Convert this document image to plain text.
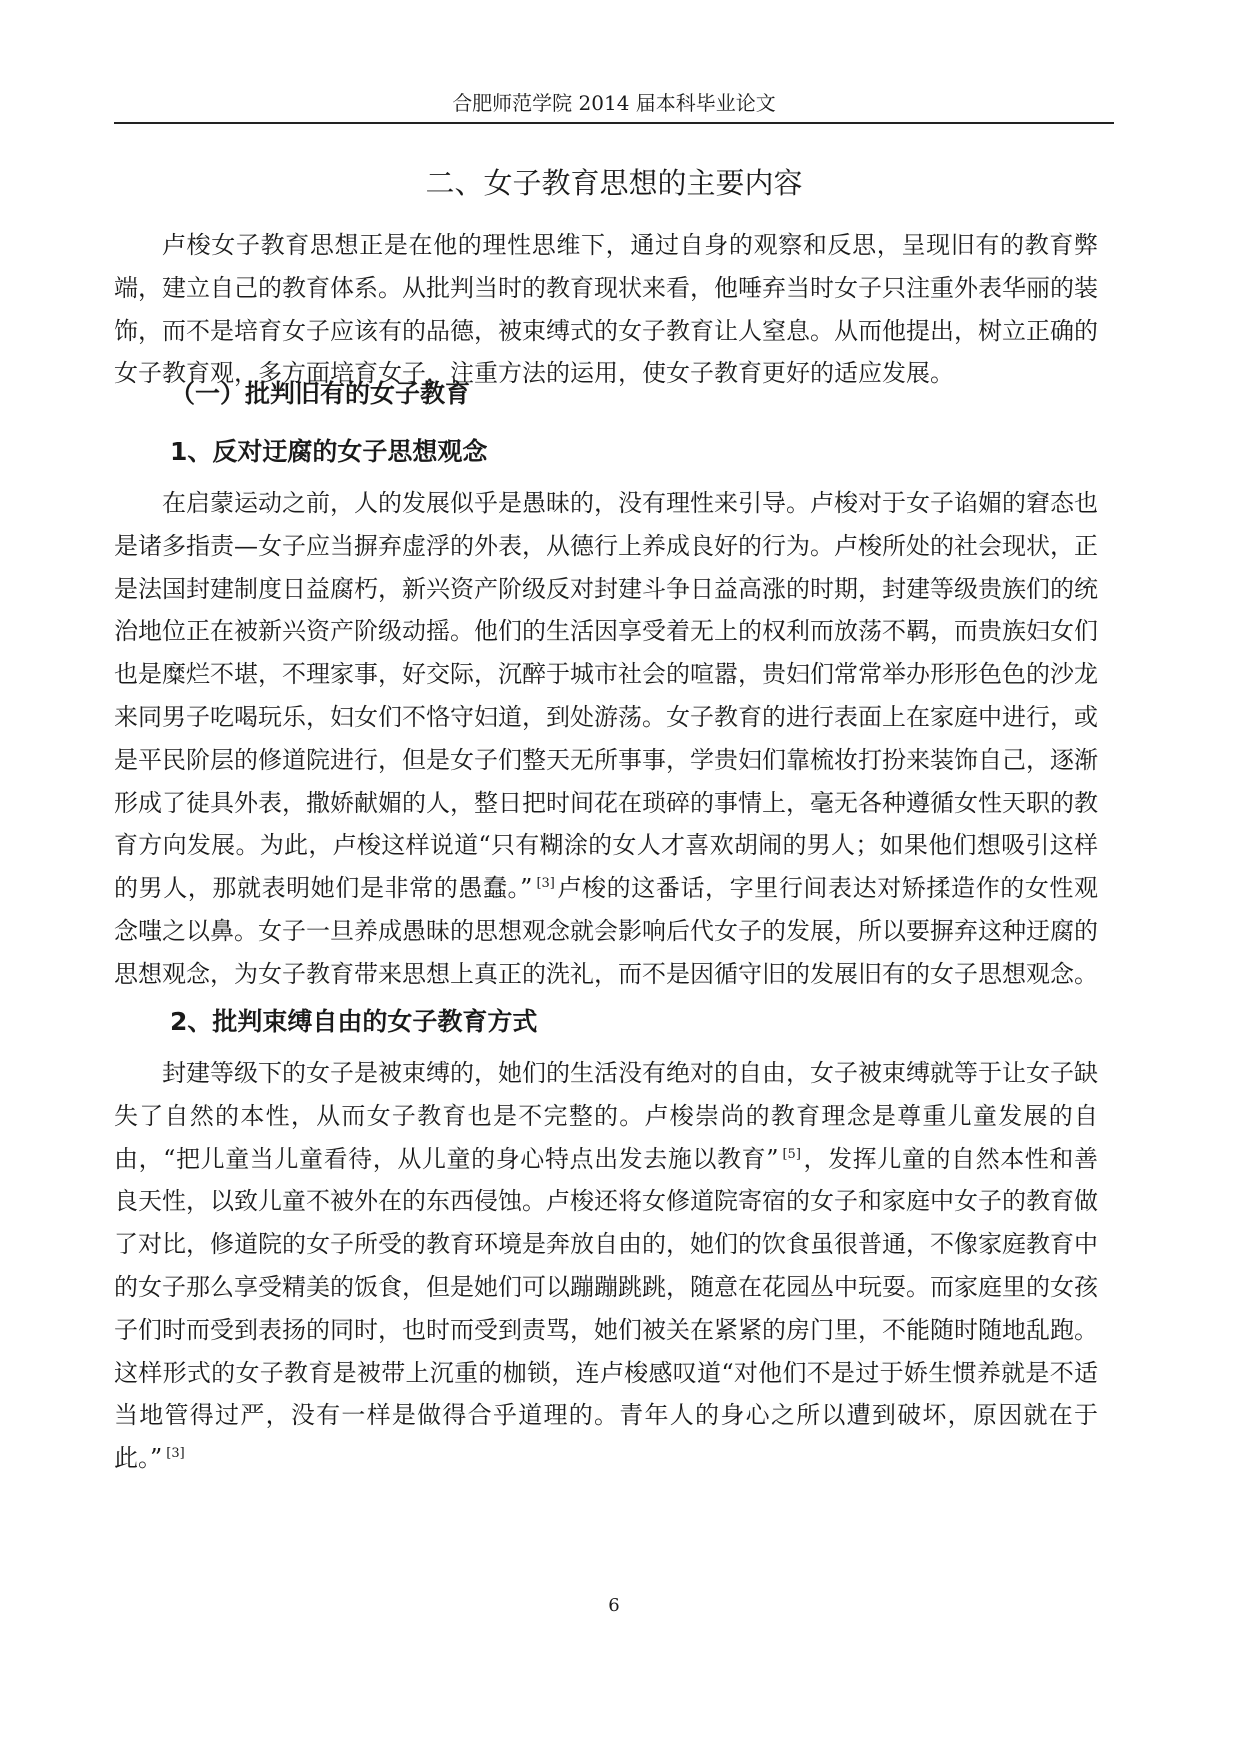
合肥师范学院 2014 届本科毕业论文
二、女子教育思想的主要内容

卢梭女子教育思想正是在他的理性思维下，通过自身的观察和反思，呈现旧有的教育弊端，建立自己的教育体系。从批判当时的教育现状来看，他唾弃当时女子只注重外表华丽的装饰，而不是培育女子应该有的品德，被束缚式的女子教育让人窒息。从而他提出，树立正确的女子教育观，多方面培育女子，注重方法的运用，使女子教育更好的适应发展。

（一）批判旧有的女子教育
1、反对迂腐的女子思想观念

在启蒙运动之前，人的发展似乎是愚昧的，没有理性来引导。卢梭对于女子谄媚的窘态也是诸多指责—女子应当摒弃虚浮的外表，从德行上养成良好的行为。卢梭所处的社会现状，正是法国封建制度日益腐朽，新兴资产阶级反对封建斗争日益高涨的时期，封建等级贵族们的统治地位正在被新兴资产阶级动摇。他们的生活因享受着无上的权利而放荡不羁，而贵族妇女们也是糜烂不堪，不理家事，好交际，沉醉于城市社会的喧嚣，贵妇们常常举办形形色色的沙龙来同男子吃喝玩乐，妇女们不恪守妇道，到处游荡。女子教育的进行表面上在家庭中进行，或是平民阶层的修道院进行，但是女子们整天无所事事，学贵妇们靠梳妆打扮来装饰自己，逐渐形成了徒具外表，撒娇献媚的人，整日把时间花在琐碎的事情上，毫无各种遵循女性天职的教育方向发展。为此，卢梭这样说道“只有糊涂的女人才喜欢胡闹的男人；如果他们想吸引这样的男人，那就表明她们是非常的愚蠢。” [3]卢梭的这番话，字里行间表达对矫揉造作的女性观念嗤之以鼻。女子一旦养成愚昧的思想观念就会影响后代女子的发展，所以要摒弃这种迂腐的思想观念，为女子教育带来思想上真正的洗礼，而不是因循守旧的发展旧有的女子思想观念。

2、批判束缚自由的女子教育方式

封建等级下的女子是被束缚的，她们的生活没有绝对的自由，女子被束缚就等于让女子缺失了自然的本性，从而女子教育也是不完整的。卢梭崇尚的教育理念是尊重儿童发展的自由，“把儿童当儿童看待，从儿童的身心特点出发去施以教育” [5]，发挥儿童的自然本性和善良天性，以致儿童不被外在的东西侵蚀。卢梭还将女修道院寄宿的女子和家庭中女子的教育做了对比，修道院的女子所受的教育环境是奔放自由的，她们的饮食虽很普通，不像家庭教育中的女子那么享受精美的饭食，但是她们可以蹦蹦跳跳，随意在花园丛中玩耍。而家庭里的女孩子们时而受到表扬的同时，也时而受到责骂，她们被关在紧紧的房门里，不能随时随地乱跑。这样形式的女子教育是被带上沉重的枷锁，连卢梭感叹道“对他们不是过于娇生惯养就是不适当地管得过严，没有一样是做得合乎道理的。青年人的身心之所以遭到破坏，原因就在于此。” [3]

6
